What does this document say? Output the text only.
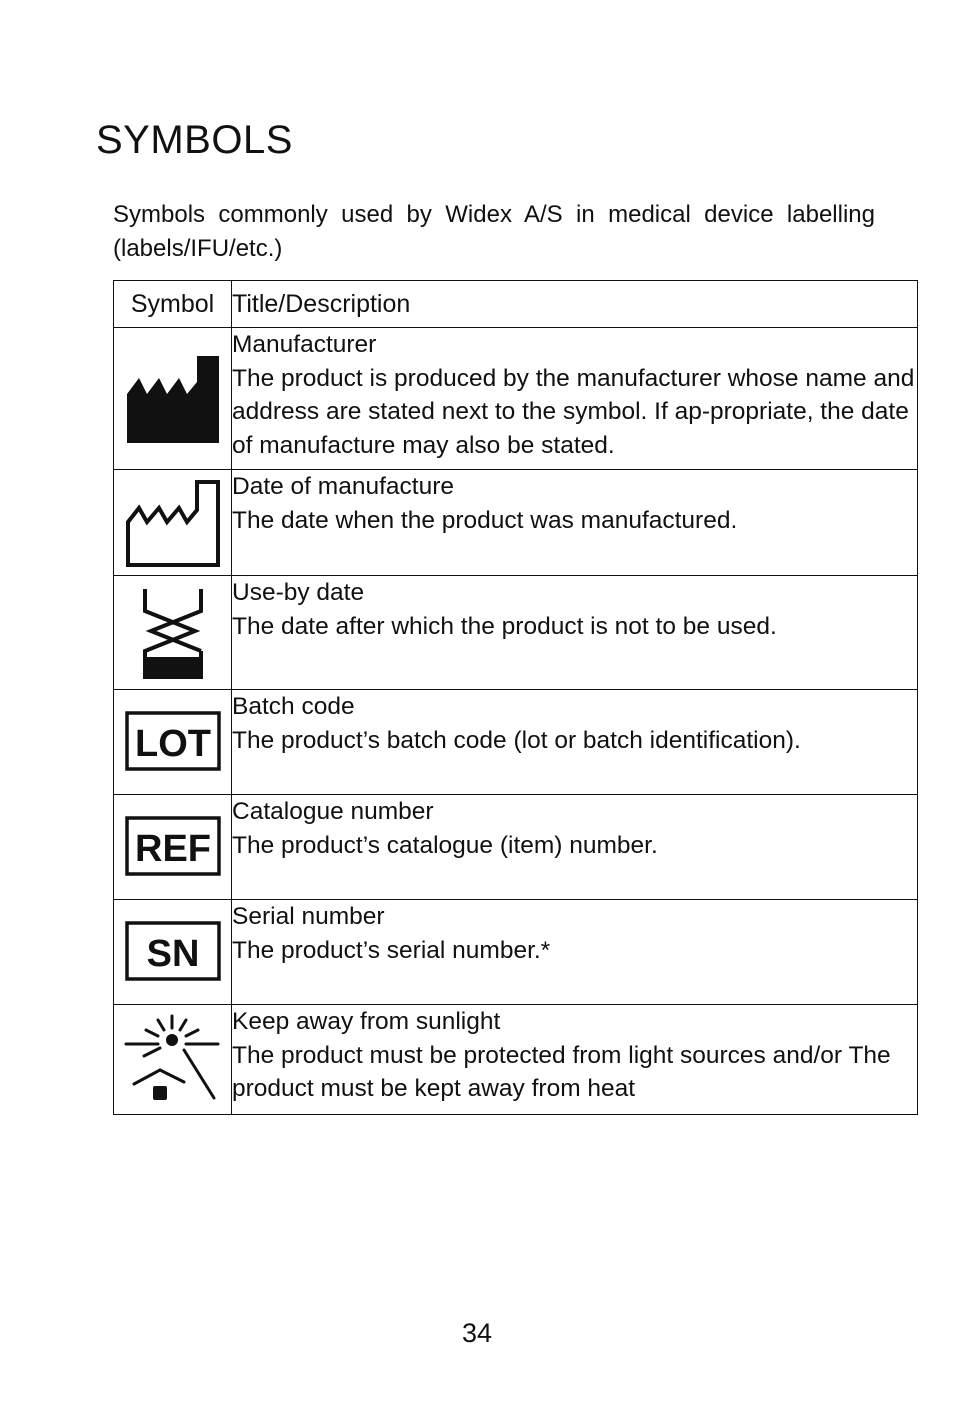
SYMBOLS
Symbols commonly used by Widex A/S in medical device labelling (labels/IFU/etc.)
Symbol	Title/Description

Manufacturer
The product is produced by the manufacturer whose name and address are stated next to the symbol. If ap-propriate, the date of manufacture may also be stated.

Date of manufacture
The date when the product was manufactured.

Use-by date
The date after which the product is not to be used.

LOT	Batch code
The product’s batch code (lot or batch identification).

REF	Catalogue number
The product’s catalogue (item) number.

SN	Serial number
The product’s serial number.*

Keep away from sunlight
The product must be protected from light sources and/or The product must be kept away from heat
34
